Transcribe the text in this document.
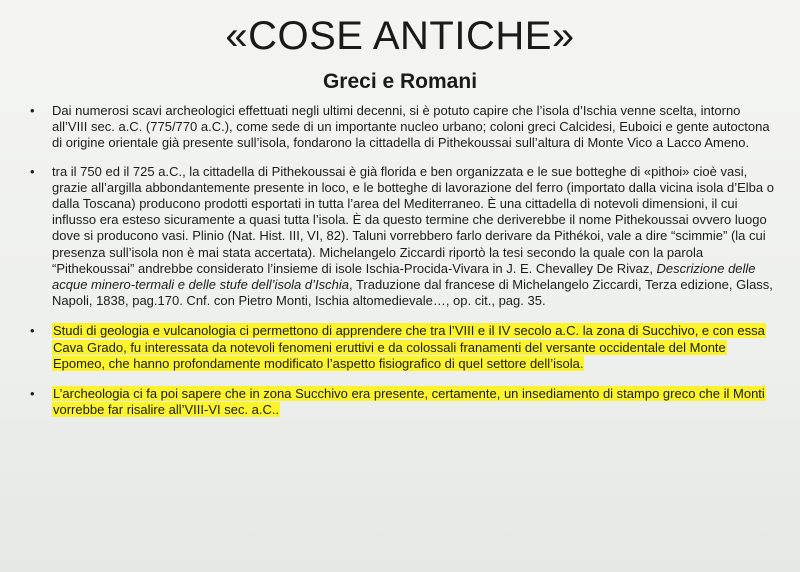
«COSE ANTICHE»
Greci e Romani
• Dai numerosi scavi archeologici effettuati negli ultimi decenni, si è potuto capire che l’isola d’Ischia venne scelta, intorno all’VIII sec. a.C. (775/770 a.C.), come sede di un importante nucleo urbano; coloni greci Calcidesi, Euboici e gente autoctona di origine orientale già presente sull’isola, fondarono la cittadella di Pithekoussai sull’altura di Monte Vico a Lacco Ameno.
• tra il 750 ed il 725 a.C., la cittadella di Pithekoussai è già florida e ben organizzata e le sue botteghe di «pithoi» cioè vasi, grazie all’argilla abbondantemente presente in loco, e le botteghe di lavorazione del ferro (importato dalla vicina isola d’Elba o dalla Toscana) producono prodotti esportati in tutta l’area del Mediterraneo. È una cittadella di notevoli dimensioni, il cui influsso era esteso sicuramente a quasi tutta l’isola. È da questo termine che deriverebbe il nome Pithekoussai ovvero luogo dove si producono vasi. Plinio (Nat. Hist. III, VI, 82). Taluni vorrebbero farlo derivare da Pithékoi, vale a dire “scimmie” (la cui presenza sull’isola non è mai stata accertata). Michelangelo Ziccardi riportò la tesi secondo la quale con la parola “Pithekoussai” andrebbe considerato l’insieme di isole Ischia-Procida-Vivara in J. E. Chevalley De Rivaz, Descrizione delle acque minero-termali e delle stufe dell’isola d’Ischia, Traduzione dal francese di Michelangelo Ziccardi, Terza edizione, Glass, Napoli, 1838, pag.170. Cnf. con Pietro Monti, Ischia altomedievale…, op. cit., pag. 35.
• Studi di geologia e vulcanologia ci permettono di apprendere che tra l’VIII e il IV secolo a.C. la zona di Succhivo, e con essa Cava Grado, fu interessata da notevoli fenomeni eruttivi e da colossali franamenti del versante occidentale del Monte Epomeo, che hanno profondamente modificato l’aspetto fisiografico di quel settore dell’isola.
• L’archeologia ci fa poi sapere che in zona Succhivo era presente, certamente, un insediamento di stampo greco che il Monti vorrebbe far risalire all’VIII-VI sec. a.C..
